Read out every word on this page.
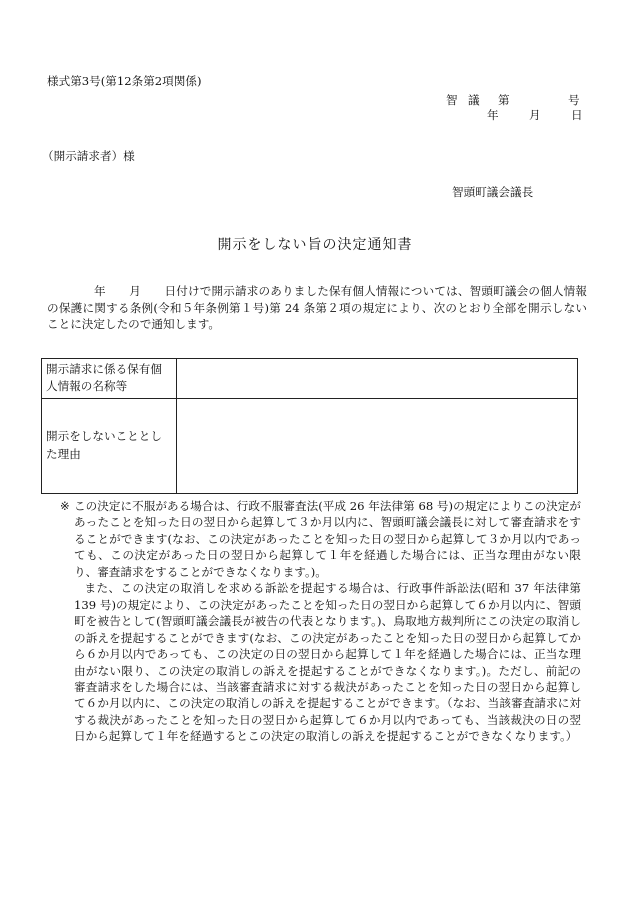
様式第3号(第12条第2項関係)
智 議 第	号
年	月	日
（開示請求者）様
智頭町議会議長
開示をしない旨の決定通知書
　　　　年　　月　　日付けで開示請求のありました保有個人情報については、智頭町議会の個人情報の保護に関する条例(令和５年条例第１号)第 24 条第２項の規定により、次のとおり全部を開示しないことに決定したので通知します。
開示請求に係る保有個人情報の名称等	
開示をしないこととした理由	
※ この決定に不服がある場合は、行政不服審査法(平成 26 年法律第 68 号)の規定によりこの決定があったことを知った日の翌日から起算して３か月以内に、智頭町議会議長に対して審査請求をすることができます(なお、この決定があったことを知った日の翌日から起算して３か月以内であっても、この決定があった日の翌日から起算して１年を経過した場合には、正当な理由がない限り、審査請求をすることができなくなります。)。

また、この決定の取消しを求める訴訟を提起する場合は、行政事件訴訟法(昭和 37 年法律第 139 号)の規定により、この決定があったことを知った日の翌日から起算して６か月以内に、智頭町を被告として(智頭町議会議長が被告の代表となります。)、鳥取地方裁判所にこの決定の取消しの訴えを提起することができます(なお、この決定があったことを知った日の翌日から起算してから６か月以内であっても、この決定の日の翌日から起算して１年を経過した場合には、正当な理由がない限り、この決定の取消しの訴えを提起することができなくなります。)。ただし、前記の審査請求をした場合には、当該審査請求に対する裁決があったことを知った日の翌日から起算して６か月以内に、この決定の取消しの訴えを提起することができます。（なお、当該審査請求に対する裁決があったことを知った日の翌日から起算して６か月以内であっても、当該裁決の日の翌日から起算して１年を経過するとこの決定の取消しの訴えを提起することができなくなります。）
